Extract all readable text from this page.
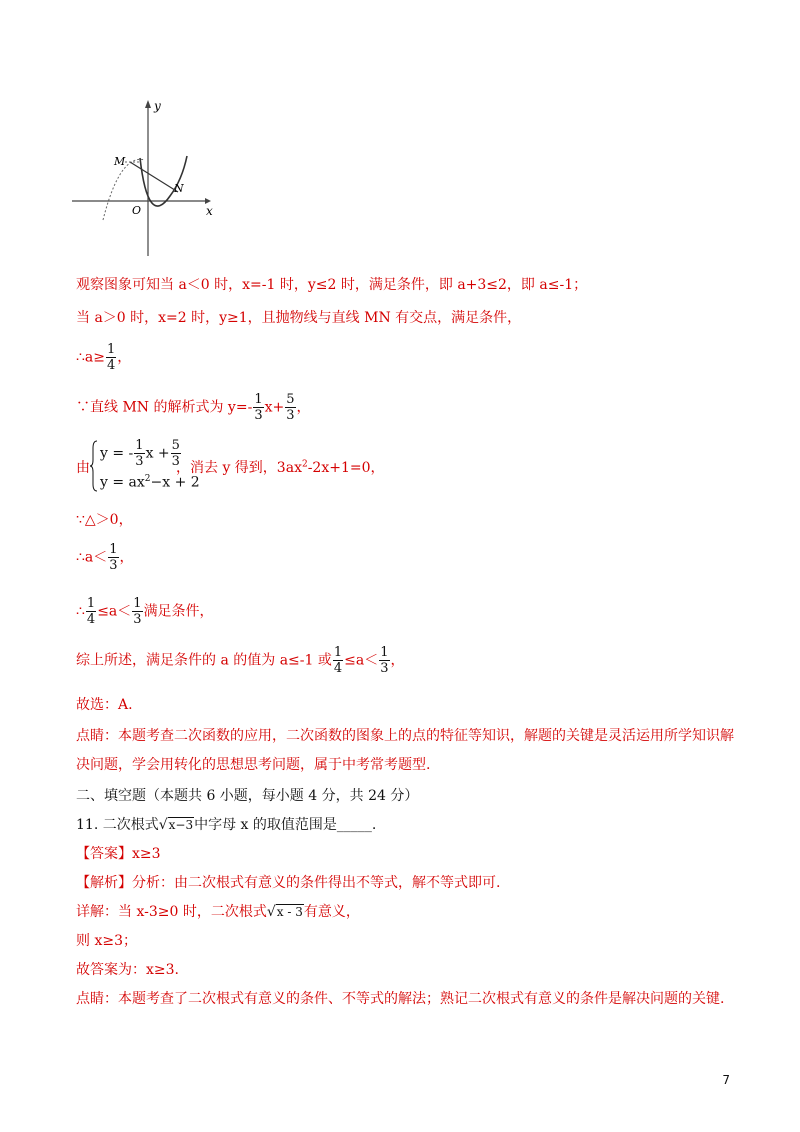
y
x
O
M
N
观察图象可知当 a＜0 时，x=-1 时，y≤2 时，满足条件，即 a+3≤2，即 a≤-1；
当 a＞0 时，x=2 时，y≥1，且抛物线与直线 MN 有交点，满足条件，
∴a≥ $\frac{1}{4}$ ，
∵直线 MN 的解析式为 $y=- \frac{1}{3} x+ \frac{5}{3}$ ，
由
y = - $\frac{1}{3}$ $x + \frac{5}{3}$
$y = ax^2-x + 2$
，消去 y 得到，$3ax^2-2x+1=0$，
∵△＞0，
∴a＜ $\frac{1}{3}$ ，
∴ $\frac{1}{4} \le a< \frac{1}{3}$ 满足条件，
综上所述，满足条件的 a 的值为 a≤-1 或 $\frac{1}{4} \le a< \frac{1}{3}$ ，
故选：A.
点睛：本题考查二次函数的应用，二次函数的图象上的点的特征等知识，解题的关键是灵活运用所学知识解
决问题，学会用转化的思想思考问题，属于中考常考题型.
二、填空题（本题共 6 小题，每小题 4 分，共 24 分）
11. 二次根式√x−3中字母 x 的取值范围是_____.
【答案】x≥3
【解析】分析：由二次根式有意义的条件得出不等式，解不等式即可.
详解：当 x-3≥0 时，二次根式√x - 3有意义，
则 x≥3；
故答案为：x≥3.
点睛：本题考查了二次根式有意义的条件、不等式的解法；熟记二次根式有意义的条件是解决问题的关键.
7
